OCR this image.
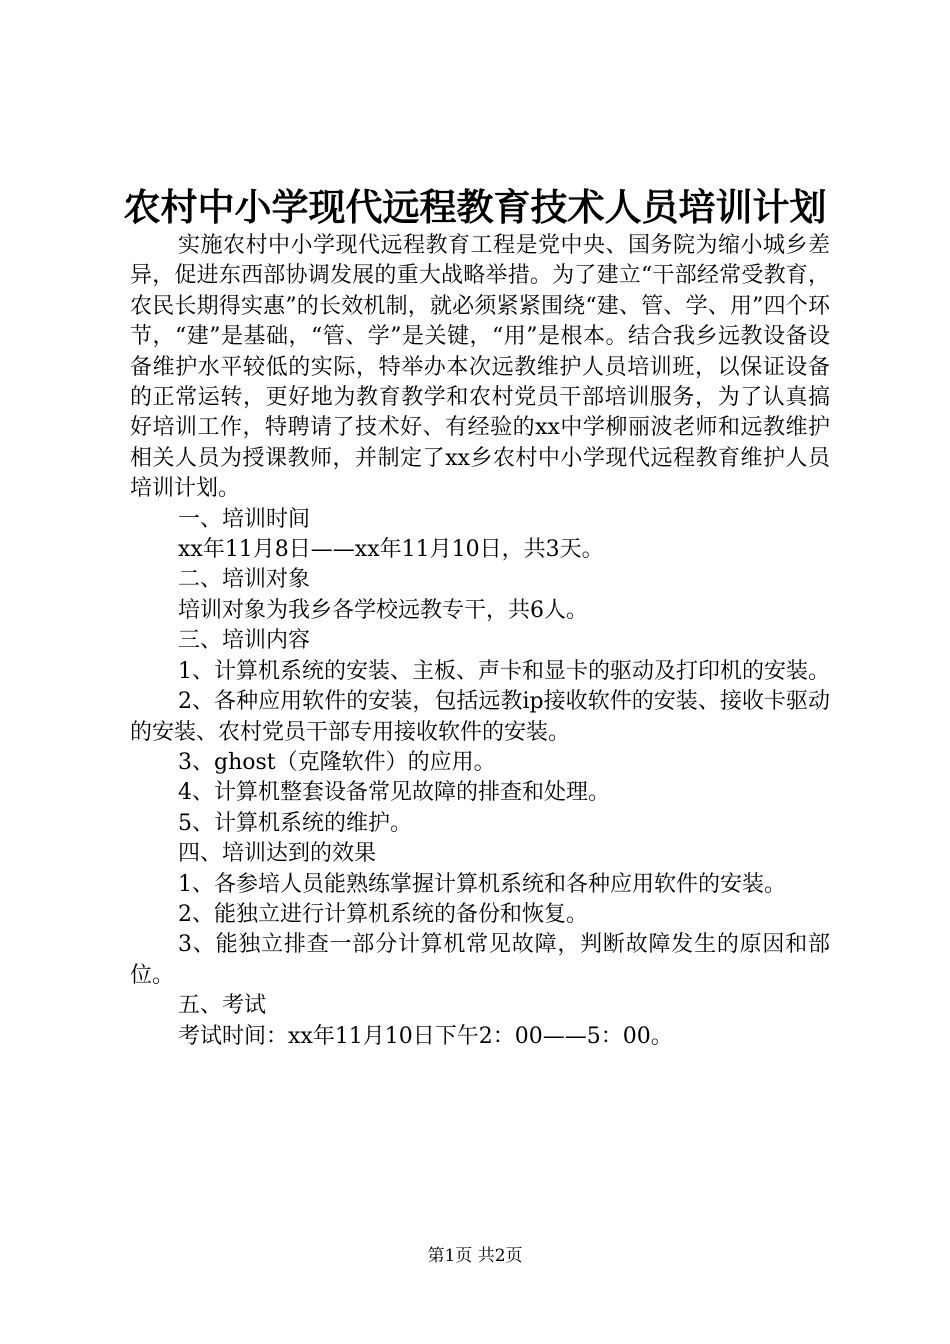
农村中小学现代远程教育技术人员培训计划

实施农村中小学现代远程教育工程是党中央、国务院为缩小城乡差异，促进东西部协调发展的重大战略举措。为了建立“干部经常受教育，农民长期得实惠”的长效机制，就必须紧紧围绕“建、管、学、用”四个环节，“建”是基础，“管、学”是关键，“用”是根本。结合我乡远教设备设备维护水平较低的实际，特举办本次远教维护人员培训班，以保证设备的正常运转，更好地为教育教学和农村党员干部培训服务，为了认真搞好培训工作，特聘请了技术好、有经验的xx中学柳丽波老师和远教维护相关人员为授课教师，并制定了xx乡农村中小学现代远程教育维护人员培训计划。

一、培训时间

xx年11月8日——xx年11月10日，共3天。

二、培训对象

培训对象为我乡各学校远教专干，共6人。

三、培训内容

1、计算机系统的安装、主板、声卡和显卡的驱动及打印机的安装。

2、各种应用软件的安装，包括远教ip接收软件的安装、接收卡驱动的安装、农村党员干部专用接收软件的安装。

3、ghost（克隆软件）的应用。

4、计算机整套设备常见故障的排查和处理。

5、计算机系统的维护。

四、培训达到的效果

1、各参培人员能熟练掌握计算机系统和各种应用软件的安装。

2、能独立进行计算机系统的备份和恢复。

3、能独立排查一部分计算机常见故障，判断故障发生的原因和部位。

五、考试

考试时间：xx年11月10日下午2：00——5：00。

第1页 共2页
